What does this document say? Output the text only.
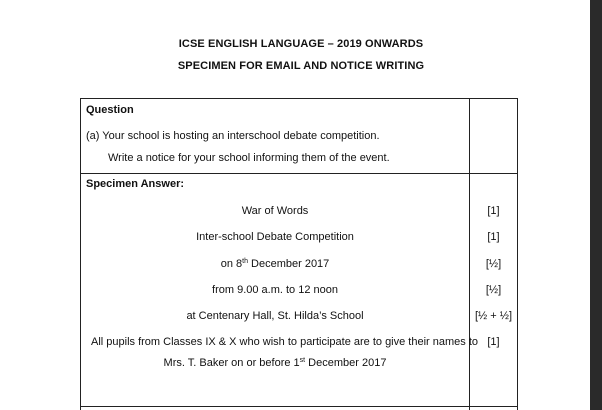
ICSE ENGLISH LANGUAGE – 2019 ONWARDS
SPECIMEN FOR EMAIL AND NOTICE WRITING
Question
(a) Your school is hosting an interschool debate competition.
Write a notice for your school informing them of the event.
Specimen Answer:
War of Words	[1]
Inter-school Debate Competition	[1]
on 8th December 2017	[½]
from 9.00 a.m. to 12 noon	[½]
at Centenary Hall, St. Hilda’s School	[½ + ½]
All pupils from Classes IX & X who wish to participate are to give their names to [1]
Mrs. T. Baker on or before 1st December 2017
